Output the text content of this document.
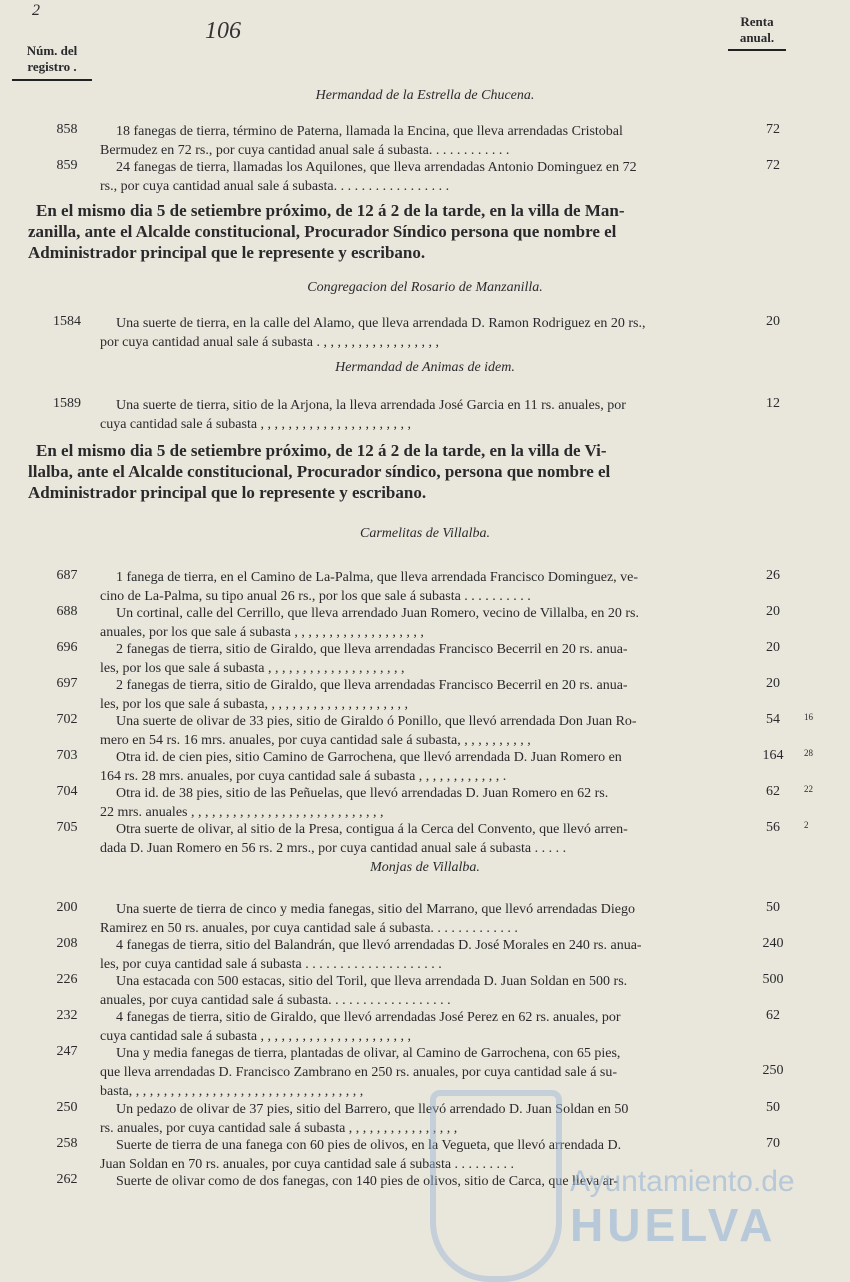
2
106
Núm. del
registro .
Renta
anual.
Hermandad de la Estrella de Chucena.
858	18 fanegas de tierra, término de Paterna, llamada la Encina, que lleva arrendadas Cristobal
Bermudez en 72 rs., por cuya cantidad anual sale á subasta. . . . . . . . . . . .
72
859	24 fanegas de tierra, llamadas los Aquilones, que lleva arrendadas Antonio Dominguez en 72
rs., por cuya cantidad anual sale á subasta. . . . . . . . . . . . . . . . .
72
En el mismo dia 5 de setiembre próximo, de 12 á 2 de la tarde, en la villa de Man-
zanilla, ante el Alcalde constitucional, Procurador Síndico persona que nombre el
Administrador principal que le represente y escribano.
Congregacion del Rosario de Manzanilla.
1584	Una suerte de tierra, en la calle del Alamo, que lleva arrendada D. Ramon Rodriguez en 20 rs.,
por cuya cantidad anual sale á subasta . , , , , , , , , , , , , , , , , ,
20
Hermandad de Animas de idem.
1589	Una suerte de tierra, sitio de la Arjona, la lleva arrendada José Garcia en 11 rs. anuales, por
cuya cantidad sale á subasta , , , , , , , , , , , , , , , , , , , , , ,
12
En el mismo dia 5 de setiembre próximo, de 12 á 2 de la tarde, en la villa de Vi-
llalba, ante el Alcalde constitucional, Procurador síndico, persona que nombre el
Administrador principal que lo represente y escribano.
Carmelitas de Villalba.
687	1 fanega de tierra, en el Camino de La-Palma, que lleva arrendada Francisco Dominguez, ve-
cino de La-Palma, su tipo anual 26 rs., por los que sale á subasta . . . . . . . . . .
26
688	Un cortinal, calle del Cerrillo, que lleva arrendado Juan Romero, vecino de Villalba, en 20 rs.
anuales, por los que sale á subasta , , , , , , , , , , , , , , , , , , ,
20
696	2 fanegas de tierra, sitio de Giraldo, que lleva arrendadas Francisco Becerril en 20 rs. anua-
les, por los que sale á subasta , , , , , , , , , , , , , , , , , , , ,
20
697	2 fanegas de tierra, sitio de Giraldo, que lleva arrendadas Francisco Becerril en 20 rs. anua-
les, por los que sale á subasta, , , , , , , , , , , , , , , , , , , , ,
20
702	Una suerte de olivar de 33 pies, sitio de Giraldo ó Ponillo, que llevó arrendada Don Juan Ro-
mero en 54 rs. 16 mrs. anuales, por cuya cantidad sale á subasta, , , , , , , , , , ,
54	16
703	Otra id. de cien pies, sitio Camino de Garrochena, que llevó arrendada D. Juan Romero en
164 rs. 28 mrs. anuales, por cuya cantidad sale á subasta , , , , , , , , , , , , .
164	28
704	Otra id. de 38 pies, sitio de las Peñuelas, que llevó arrendadas D. Juan Romero en 62 rs.
22 mrs. anuales , , , , , , , , , , , , , , , , , , , , , , , , , , , ,
62	22
705	Otra suerte de olivar, al sitio de la Presa, contigua á la Cerca del Convento, que llevó arren-
dada D. Juan Romero en 56 rs. 2 mrs., por cuya cantidad anual sale á subasta . . . . .
56	2
Monjas de Villalba.
200	Una suerte de tierra de cinco y media fanegas, sitio del Marrano, que llevó arrendadas Diego
Ramirez en 50 rs. anuales, por cuya cantidad sale á subasta. . . . . . . . . . . . .
50
208	4 fanegas de tierra, sitio del Balandrán, que llevó arrendadas D. José Morales en 240 rs. anua-
les, por cuya cantidad sale á subasta . . . . . . . . . . . . . . . . . . . .
240
226	Una estacada con 500 estacas, sitio del Toril, que lleva arrendada D. Juan Soldan en 500 rs.
anuales, por cuya cantidad sale á subasta. . . . . . . . . . . . . . . . . .
500
232	4 fanegas de tierra, sitio de Giraldo, que llevó arrendadas José Perez en 62 rs. anuales, por
cuya cantidad sale á subasta , , , , , , , , , , , , , , , , , , , , , ,
62
247	Una y media fanegas de tierra, plantadas de olivar, al Camino de Garrochena, con 65 pies,
que lleva arrendadas D. Francisco Zambrano en 250 rs. anuales, por cuya cantidad sale á su-
basta, , , , , , , , , , , , , , , , , , , , , , , , , , , , , , , , , ,
250
250	Un pedazo de olivar de 37 pies, sitio del Barrero, que llevó arrendado D. Juan Soldan en 50
rs. anuales, por cuya cantidad sale á subasta , , , , , , , , , , , , , , , ,
50
258	Suerte de tierra de una fanega con 60 pies de olivos, en la Vegueta, que llevó arrendada D.
Juan Soldan en 70 rs. anuales, por cuya cantidad sale á subasta . . . . . . . . .
70
262	Suerte de olivar como de dos fanegas, con 140 pies de olivos, sitio de Carca, que lleva ar-
Ayuntamiento.de
HUELVA
